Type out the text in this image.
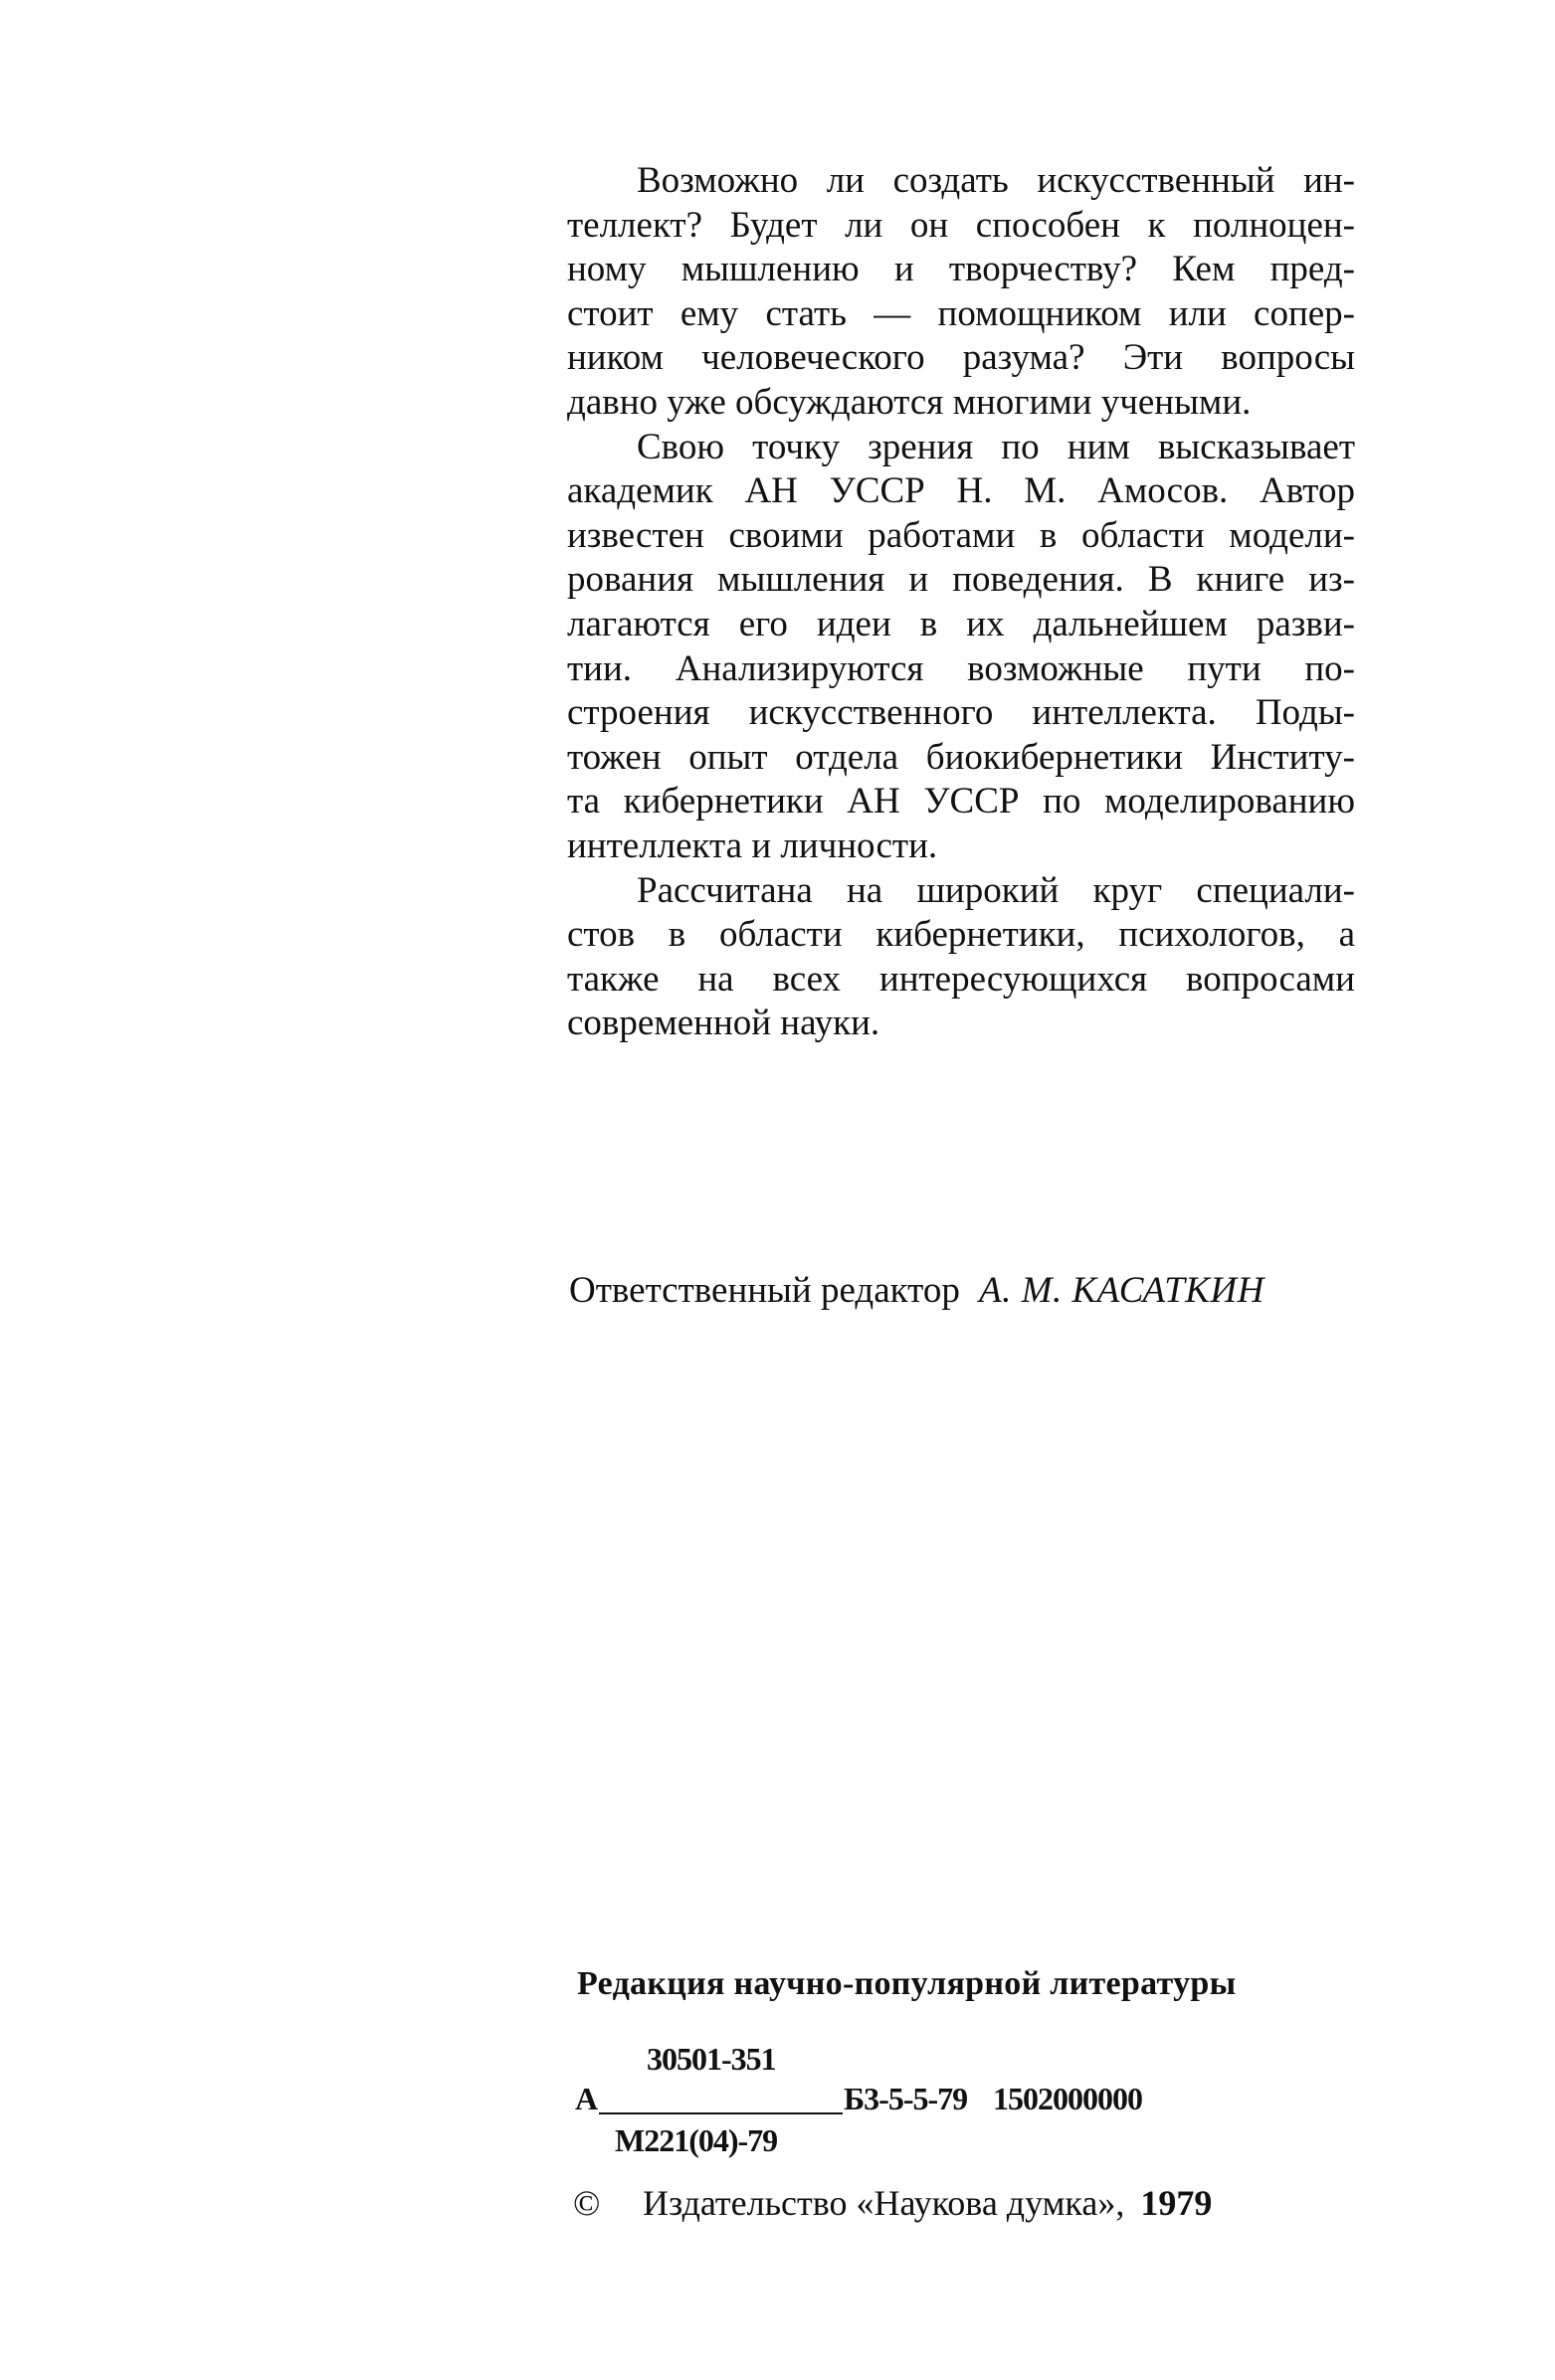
Возможно ли создать искусственный ин-
теллект? Будет ли он способен к полноцен-
ному мышлению и творчеству? Кем пред-
стоит ему стать — помощником или сопер-
ником человеческого разума? Эти вопросы
давно уже обсуждаются многими учеными.

Свою точку зрения по ним высказывает
академик АН УССР Н. М. Амосов. Автор
известен своими работами в области модели-
рования мышления и поведения. В книге из-
лагаются его идеи в их дальнейшем разви-
тии. Анализируются возможные пути по-
строения искусственного интеллекта. Поды-
тожен опыт отдела биокибернетики Институ-
та кибернетики АН УССР по моделированию
интеллекта и личности.

Рассчитана на широкий круг специали-
стов в области кибернетики, психологов, а
также на всех интересующихся вопросами
современной науки.

Ответственный редактор А. М. КАСАТКИН
Редакция научно-популярной литературы
30501-351
А	Б3-5-5-79 1502000000
М221(04)-79
© Издательство «Наукова думка», 1979
